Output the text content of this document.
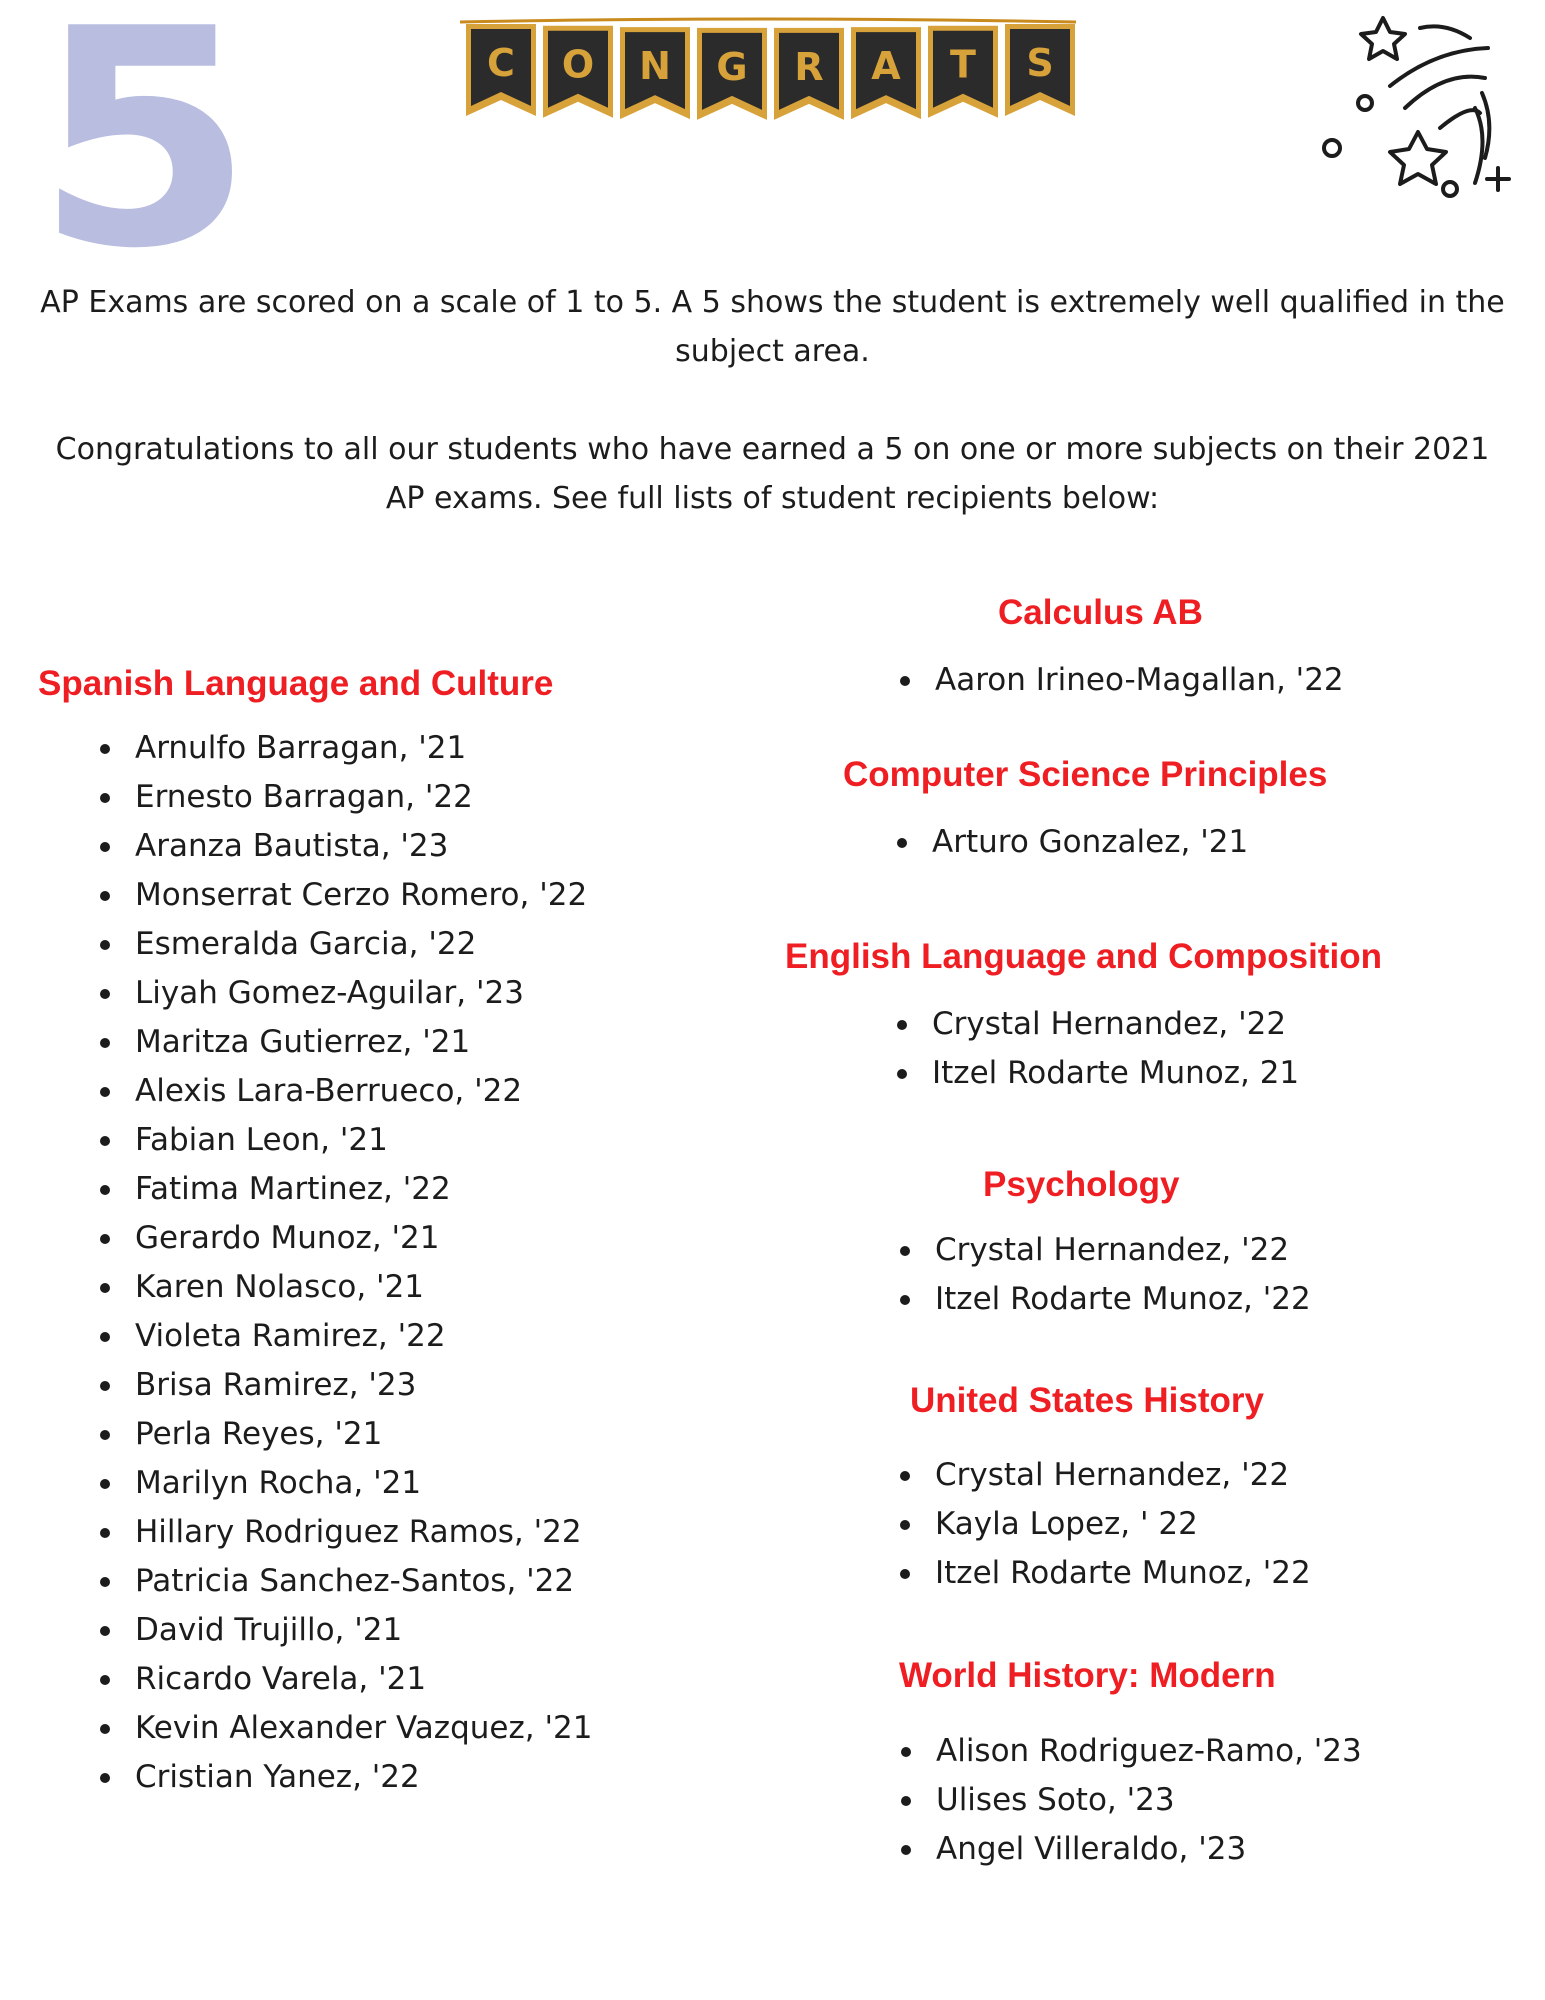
5	C O N G R A T S

AP Exams are scored on a scale of 1 to 5. A 5 shows the student is extremely well qualified in the subject area.

Congratulations to all our students who have earned a 5 on one or more subjects on their 2021 AP exams. See full lists of student recipients below:

Spanish Language and Culture
Arnulfo Barragan, '21
Ernesto Barragan, '22
Aranza Bautista, '23
Monserrat Cerzo Romero, '22
Esmeralda Garcia, '22
Liyah Gomez-Aguilar, '23
Maritza Gutierrez, '21
Alexis Lara-Berrueco, '22
Fabian Leon, '21
Fatima Martinez, '22
Gerardo Munoz, '21
Karen Nolasco, '21
Violeta Ramirez, '22
Brisa Ramirez, '23
Perla Reyes, '21
Marilyn Rocha, '21
Hillary Rodriguez Ramos, '22
Patricia Sanchez-Santos, '22
David Trujillo, '21
Ricardo Varela, '21
Kevin Alexander Vazquez, '21
Cristian Yanez, '22
Calculus AB
Aaron Irineo-Magallan, '22
Computer Science Principles
Arturo Gonzalez, '21
English Language and Composition
Crystal Hernandez, '22
Itzel Rodarte Munoz, 21
Psychology
Crystal Hernandez, '22
Itzel Rodarte Munoz, '22
United States History
Crystal Hernandez, '22
Kayla Lopez, ' 22
Itzel Rodarte Munoz, '22
World History: Modern
Alison Rodriguez-Ramo, '23
Ulises Soto, '23
Angel Villeraldo, '23
